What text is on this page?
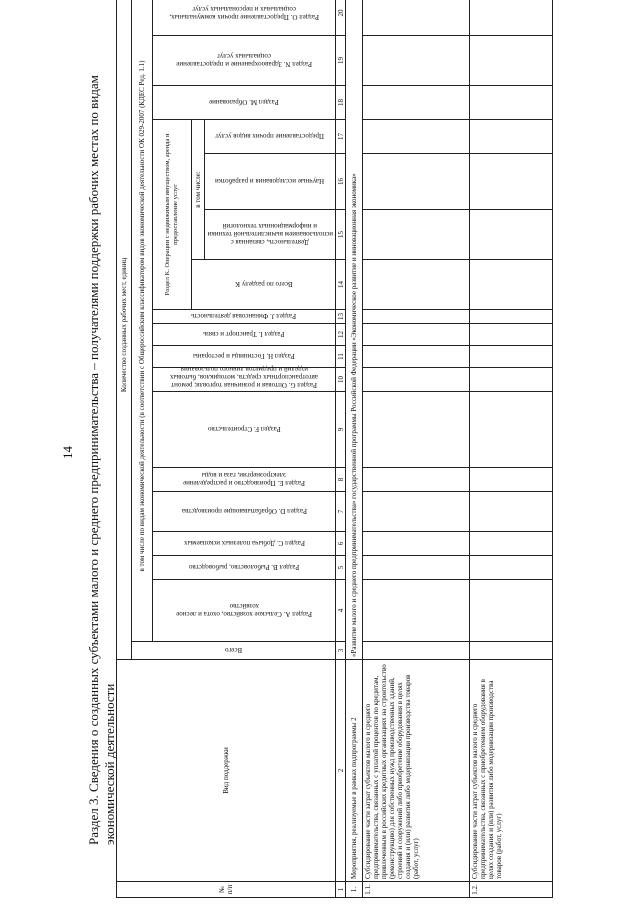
14 Раздел 3. Сведения о созданных субъектами малого и среднего предпринимательства – получателями поддержки рабочих местах по видам экономической деятельности
№ п/п	Вид поддержки	Количество созданных рабочих мест, единиц																		

		Всего	в том числе по видам экономической деятельности (в соответствии с Общероссийским классификатором видов экономической деятельности ОК 029-2007 (КДЕС Ред. 1.1)																	

			Раздел A. Сельское хозяйство, охота и лесное хозяйство	Раздел B. Рыболовство, рыбоводство	Раздел C. Добыча полезных ископаемых	Раздел D. Обрабатывающие производства	Раздел E. Производство и распределение электроэнергии, газа и воды	Раздел F. Строительство	Раздел G. Оптовая и розничная торговля; ремонт автотранспортных средств, мотоциклов, бытовых изделий и предметов личного пользования	Раздел H. Гостиницы и рестораны	Раздел I. Транспорт и связь	Раздел J. Финансовая деятельность	Раздел K. Операции с недвижимым имуществом, аренда и предоставление услуг				Раздел M. Образование	Раздел N. Здравоохранение и предоставление социальных услуг	Раздел O. Предоставление прочих коммунальных, социальных и персональных услуг

													Всего по разделу K	в том числе:						

														Деятельность, связанная с использованием вычислительной техники и информационных технологий	Научные исследования и разработки	Предоставление прочих видов услуг				

1	2	3	4	5	6	7	8	9	10	11	12	13	14	15	16	17	18	19	20	
1.	Мероприятия, реализуемые в рамках подпрограммы 2	«Развитие малого и среднего предпринимательства» государственной программы Российской Федерации «Экономическое развитие и инновационная экономика»																		
1.1.	Субсидирование части затрат субъектов малого и среднего предпринимательства, связанных с уплатой процентов по кредитам, привлеченным в российских кредитных организациях на строительство (реконструкцию) для собственных нужд производственных зданий, строений и сооружений либо приобретение оборудования в целях создания и (или) развития либо модернизации производства товаров (работ, услуг)																			
1.2.	Субсидирование части затрат субъектов малого и среднего предпринимательства, связанных с приобретением оборудования в целях создания и (или) развития либо модернизации производства товаров (работ, услуг)																			
